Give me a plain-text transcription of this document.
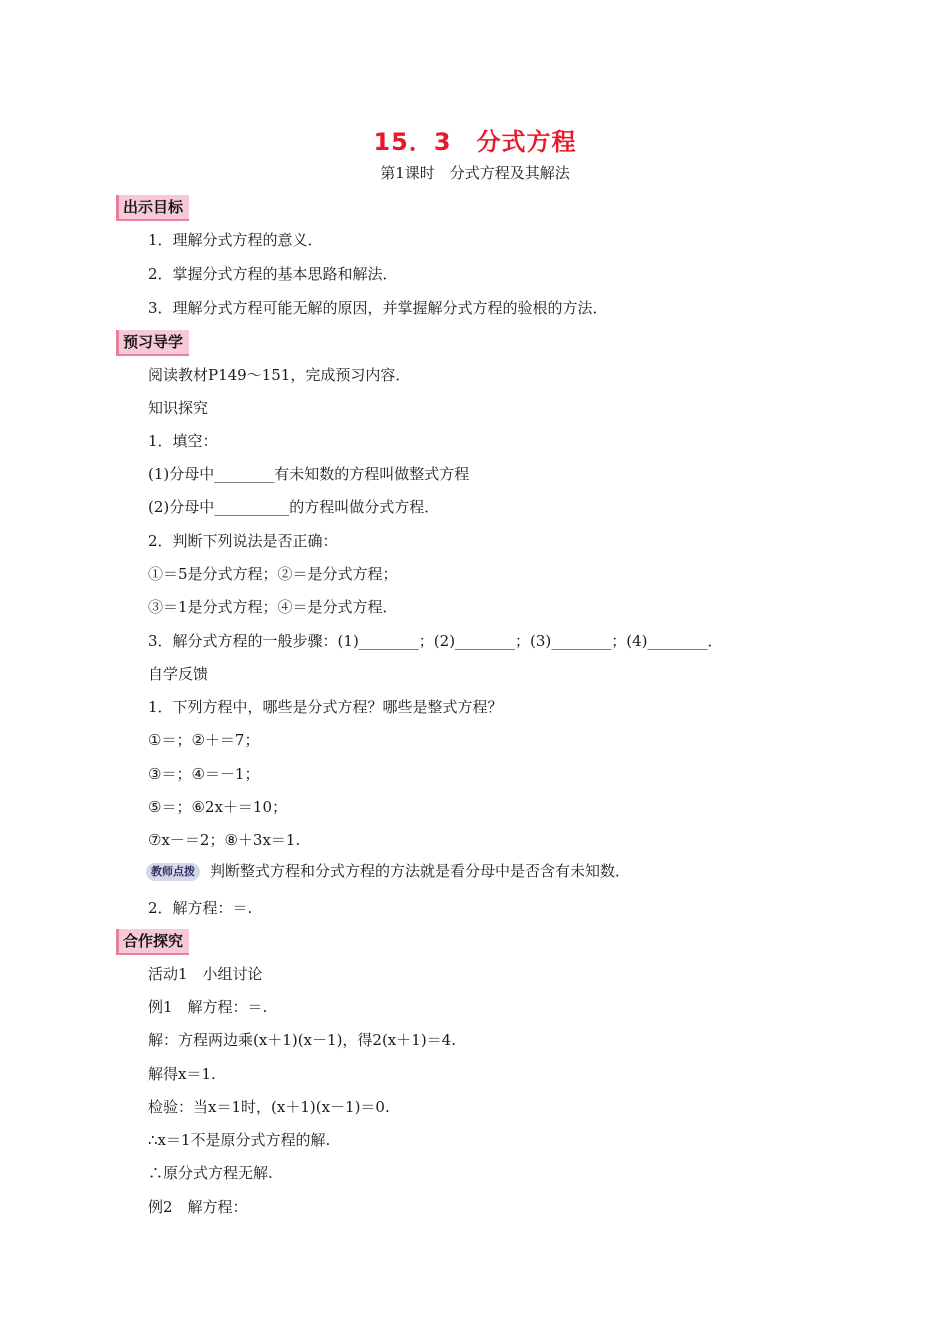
15．3　分式方程
第1课时　分式方程及其解法
出示目标
1．理解分式方程的意义．
2．掌握分式方程的基本思路和解法．
3．理解分式方程可能无解的原因，并掌握解分式方程的验根的方法．
预习导学
阅读教材P149～151，完成预习内容．
知识探究
1．填空：
(1)分母中________有未知数的方程叫做整式方程
(2)分母中__________的方程叫做分式方程．
2．判断下列说法是否正确：
①＝5是分式方程；②＝是分式方程；
③＝1是分式方程；④＝是分式方程．
3．解分式方程的一般步骤：(1)________；(2)________；(3)________；(4)________．
自学反馈
1．下列方程中，哪些是分式方程？哪些是整式方程？
①＝；②＋＝7；
③＝；④＝－1；
⑤＝；⑥2x＋＝10；
⑦x－＝2；⑧＋3x＝1.
教师点拨 判断整式方程和分式方程的方法就是看分母中是否含有未知数．
2．解方程：＝.
合作探究
活动1　小组讨论
例1　解方程：＝.
解：方程两边乘(x＋1)(x－1)，得2(x＋1)＝4.
解得x＝1.
检验：当x＝1时，(x＋1)(x－1)＝0.
∴x＝1不是原分式方程的解.
∴原分式方程无解.
例2　解方程：
